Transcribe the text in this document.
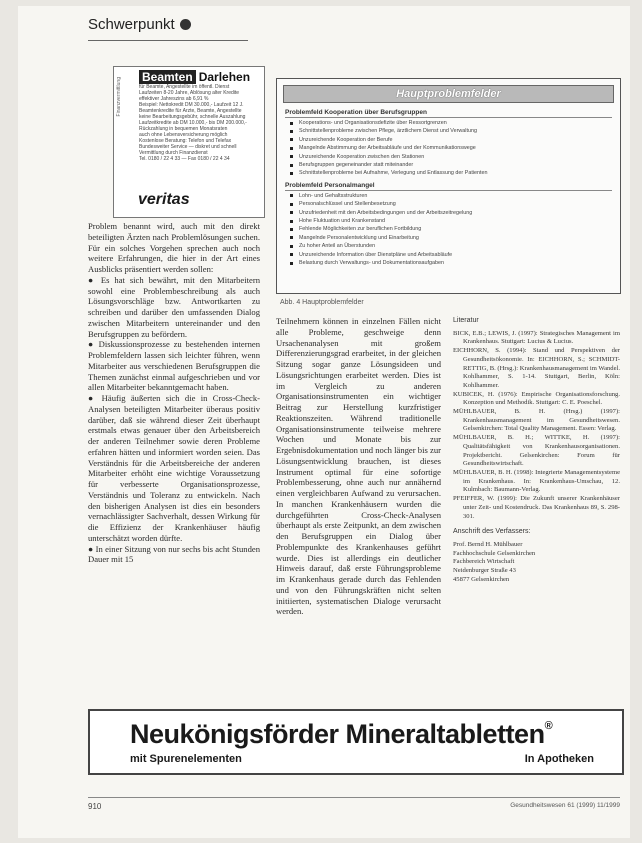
Schwerpunkt
Finanzvermittlung	Beamten Darlehen
für Beamte, Angestellte im öffentl. Dienst
Laufzeiten 8-20 Jahre, Ablösung alter Kredite
effektiver Jahreszins ab 6,91 %
Beispiel: Nettokredit DM 30.000,- Laufzeit 12 J.
Beamtenkredite für Ärzte, Beamte, Angestellte
keine Bearbeitungsgebühr, schnelle Auszahlung
Laufzeitkredite ab DM 10.000,- bis DM 200.000,-
Rückzahlung in bequemen Monatsraten
auch ohne Lebensversicherung möglich
Kostenlose Beratung: Telefon und Telefax
Bundesweiter Service — diskret und schnell
Vermittlung durch Finanzdienst
Tel. 0180 / 22 4 33 — Fax 0180 / 22 4 34
veritas
Hauptproblemfelder
Problemfeld Kooperation über Berufsgruppen
Kooperations- und Organisationsdefizite über Ressortgrenzen
Schnittstellenprobleme zwischen Pflege, ärztlichem Dienst und Verwaltung
Unzureichende Kooperation der Berufe
Mangelnde Abstimmung der Arbeitsabläufe und der Kommunikationswege
Unzureichende Kooperation zwischen den Stationen
Berufsgruppen gegeneinander statt miteinander
Schnittstellenprobleme bei Aufnahme, Verlegung und Entlassung der Patienten
Problemfeld Personalmangel
Lohn- und Gehaltsstrukturen
Personalschlüssel und Stellenbesetzung
Unzufriedenheit mit den Arbeitsbedingungen und der Arbeitszeitregelung
Hohe Fluktuation und Krankenstand
Fehlende Möglichkeiten zur beruflichen Fortbildung
Mangelnde Personalentwicklung und Einarbeitung
Zu hoher Anteil an Überstunden
Unzureichende Information über Dienstpläne und Arbeitsabläufe
Belastung durch Verwaltungs- und Dokumentationsaufgaben
Abb. 4 Hauptproblemfelder

Problem benannt wird, auch mit den direkt beteiligten Ärzten nach Problemlösungen suchen. Für ein solches Vorgehen sprechen auch noch weitere Erfahrungen, die hier in der Art eines Ausblicks präsentiert werden sollen:

● Es hat sich bewährt, mit den Mitarbeitern sowohl eine Problembeschreibung als auch Lösungsvorschläge bzw. Antwortkarten zu schreiben und darüber den umfassenden Dialog zwischen Mitarbeitern untereinander und den Berufsgruppen zu befördern.

● Diskussionsprozesse zu bestehenden internen Problemfeldern lassen sich leichter führen, wenn Mitarbeiter aus verschiedenen Berufsgruppen die Themen zunächst einmal aufgeschrieben und vor allen Mitarbeiter bekanntgemacht haben.

● Häufig äußerten sich die in Cross-Check-Analysen beteiligten Mitarbeiter überaus positiv darüber, daß sie während dieser Zeit überhaupt erstmals etwas genauer über den Arbeitsbereich der anderen Teilnehmer sowie deren Probleme erfahren hätten und informiert worden seien. Das Verständnis für die Arbeitsbereiche der anderen Mitarbeiter erhöht eine wichtige Voraussetzung für verbesserte Organisationsprozesse, Verständnis und Toleranz zu entwickeln. Nach den bisherigen Analysen ist dies ein besonders vernachlässigter Sachverhalt, dessen Wirkung für die Effizienz der Krankenhäuser häufig unterschätzt worden dürfte.

● In einer Sitzung von nur sechs bis acht Stunden Dauer mit 15

Teilnehmern können in einzelnen Fällen nicht alle Probleme, geschweige denn Ursachenanalysen mit großem Differenzierungsgrad erarbeitet, in der gleichen Sitzung sogar ganze Lösungsideen und Lösungsrichtungen erarbeitet werden. Dies ist im Vergleich zu anderen Organisationsinstrumenten ein wichtiger Beitrag zur Herstellung kurzfristiger Reaktionszeiten. Während traditionelle Organisationsinstrumente teilweise mehrere Wochen und Monate bis zur Ergebnisdokumentation und noch länger bis zur Lösungsentwicklung brauchen, ist dieses Instrument optimal für eine sofortige Problembesserung, ohne auch nur annähernd einen vergleichbaren Aufwand zu verursachen. In manchen Krankenhäusern wurden die durchgeführten Cross-Check-Analysen überhaupt als erste Zeitpunkt, an dem zwischen den Berufsgruppen ein Dialog über Problempunkte des Krankenhauses geführt wurde. Dies ist allerdings ein deutlicher Hinweis darauf, daß erste Führungsprobleme im Krankenhaus gerade durch das Fehlenden und von den Führungskräften nicht selten initiierten, systematischen Dialoge verursacht werden.

Literatur

BICK, E.B.; LEWIS, J. (1997): Strategisches Management im Krankenhaus. Stuttgart: Lucius & Lucius.

EICHHORN, S. (1994): Stand und Perspektiven der Gesundheitsökonomie. In: EICHHORN, S.; SCHMIDT-RETTIG, B. (Hrsg.): Krankenhausmanagement im Wandel. Kohlhammer, S. 1-14. Stuttgart, Berlin, Köln: Kohlhammer.

KUBICEK, H. (1976): Empirische Organisationsforschung. Konzeption und Methodik. Stuttgart: C. E. Poeschel.

MÜHLBAUER, B. H. (Hrsg.) (1997): Krankenhausmanagement im Gesundheitswesen. Gelsenkirchen: Total Quality Management. Essen: Verlag.

MÜHLBAUER, B. H.; WITTKE, H. (1997): Qualitätsfähigkeit von Krankenhausorganisationen. Projektbericht. Gelsenkirchen: Forum für Gesundheitswirtschaft.

MÜHLBAUER, B. H. (1998): Integrierte Managementsysteme im Krankenhaus. In: Krankenhaus-Umschau, 12. Kulmbach: Baumann-Verlag.

PFEIFFER, W. (1999): Die Zukunft unserer Krankenhäuser unter Zeit- und Kostendruck. Das Krankenhaus 89, S. 298-301.

Anschrift des Verfassers:

Prof. Bernd H. Mühlbauer

Fachhochschule Gelsenkirchen

Fachbereich Wirtschaft

Neidenburger Straße 43

45877 Gelsenkirchen

Neukönigsförder Mineraltabletten®
mit Spurenelementen	In Apotheken
910	Gesundheitswesen 61 (1999) 11/1999
